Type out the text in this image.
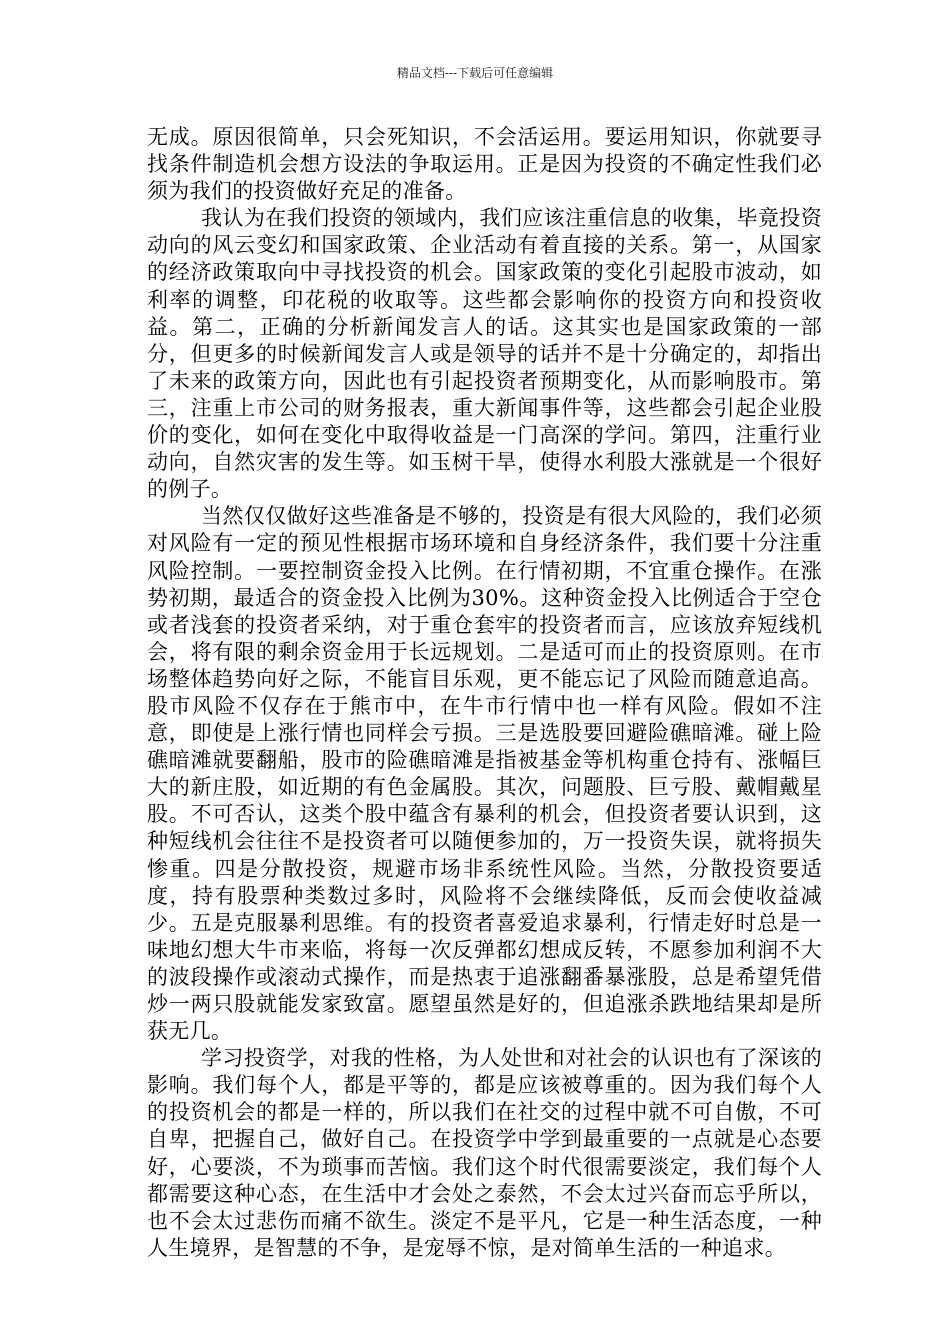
精品文档---下载后可任意编辑

无成。原因很简单，只会死知识，不会活运用。要运用知识，你就要寻找条件制造机会想方设法的争取运用。正是因为投资的不确定性我们必须为我们的投资做好充足的准备。

我认为在我们投资的领域内，我们应该注重信息的收集，毕竟投资动向的风云变幻和国家政策、企业活动有着直接的关系。第一，从国家的经济政策取向中寻找投资的机会。国家政策的变化引起股市波动，如利率的调整，印花税的收取等。这些都会影响你的投资方向和投资收益。第二，正确的分析新闻发言人的话。这其实也是国家政策的一部分，但更多的时候新闻发言人或是领导的话并不是十分确定的，却指出了未来的政策方向，因此也有引起投资者预期变化，从而影响股市。第三，注重上市公司的财务报表，重大新闻事件等，这些都会引起企业股价的变化，如何在变化中取得收益是一门高深的学问。第四，注重行业动向，自然灾害的发生等。如玉树干旱，使得水利股大涨就是一个很好的例子。

当然仅仅做好这些准备是不够的，投资是有很大风险的，我们必须对风险有一定的预见性根据市场环境和自身经济条件，我们要十分注重风险控制。一要控制资金投入比例。在行情初期，不宜重仓操作。在涨势初期，最适合的资金投入比例为30%。这种资金投入比例适合于空仓或者浅套的投资者采纳，对于重仓套牢的投资者而言，应该放弃短线机会，将有限的剩余资金用于长远规划。二是适可而止的投资原则。在市场整体趋势向好之际，不能盲目乐观，更不能忘记了风险而随意追高。股市风险不仅存在于熊市中，在牛市行情中也一样有风险。假如不注意，即使是上涨行情也同样会亏损。三是选股要回避险礁暗滩。碰上险礁暗滩就要翻船，股市的险礁暗滩是指被基金等机构重仓持有、涨幅巨大的新庄股，如近期的有色金属股。其次，问题股、巨亏股、戴帽戴星股。不可否认，这类个股中蕴含有暴利的机会，但投资者要认识到，这种短线机会往往不是投资者可以随便参加的，万一投资失误，就将损失惨重。四是分散投资，规避市场非系统性风险。当然，分散投资要适度，持有股票种类数过多时，风险将不会继续降低，反而会使收益减少。五是克服暴利思维。有的投资者喜爱追求暴利，行情走好时总是一味地幻想大牛市来临，将每一次反弹都幻想成反转，不愿参加利润不大的波段操作或滚动式操作，而是热衷于追涨翻番暴涨股，总是希望凭借炒一两只股就能发家致富。愿望虽然是好的，但追涨杀跌地结果却是所获无几。

学习投资学，对我的性格，为人处世和对社会的认识也有了深该的影响。我们每个人，都是平等的，都是应该被尊重的。因为我们每个人的投资机会的都是一样的，所以我们在社交的过程中就不可自傲，不可自卑，把握自己，做好自己。在投资学中学到最重要的一点就是心态要好，心要淡，不为琐事而苦恼。我们这个时代很需要淡定，我们每个人都需要这种心态，在生活中才会处之泰然，不会太过兴奋而忘乎所以，也不会太过悲伤而痛不欲生。淡定不是平凡，它是一种生活态度，一种人生境界，是智慧的不争，是宠辱不惊，是对简单生活的一种追求。
